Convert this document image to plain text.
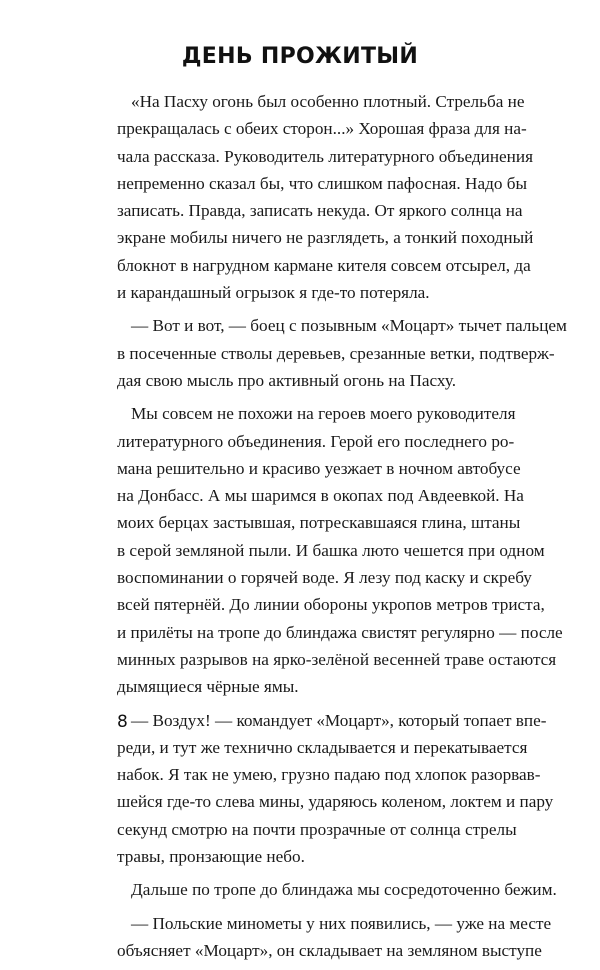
ДЕНЬ ПРОЖИТЫЙ
«На Пасху огонь был особенно плотный. Стрельба не
прекращалась с обеих сторон...» Хорошая фраза для на-
чала рассказа. Руководитель литературного объединения
непременно сказал бы, что слишком пафосная. Надо бы
записать. Правда, записать некуда. От яркого солнца на
экране мобилы ничего не разглядеть, а тонкий походный
блокнот в нагрудном кармане кителя совсем отсырел, да
и карандашный огрызок я где-то потеряла.
— Вот и вот, — боец с позывным «Моцарт» тычет пальцем
в посеченные стволы деревьев, срезанные ветки, подтверж-
дая свою мысль про активный огонь на Пасху.
Мы совсем не похожи на героев моего руководителя
литературного объединения. Герой его последнего ро-
мана решительно и красиво уезжает в ночном автобусе
на Донбасс. А мы шаримся в окопах под Авдеевкой. На
моих берцах застывшая, потрескавшаяся глина, штаны
в серой земляной пыли. И башка люто чешется при одном
воспоминании о горячей воде. Я лезу под каску и скребу
всей пятернёй. До линии обороны укропов метров триста,
и прилёты на тропе до блиндажа свистят регулярно — после
минных разрывов на ярко-зелёной весенней траве остаются
дымящиеся чёрные ямы.
— Воздух! — командует «Моцарт», который топает впе-
реди, и тут же технично складывается и перекатывается
набок. Я так не умею, грузно падаю под хлопок разорвав-
шейся где-то слева мины, ударяюсь коленом, локтем и пару
секунд смотрю на почти прозрачные от солнца стрелы
травы, пронзающие небо.
Дальше по тропе до блиндажа мы сосредоточенно бежим.
— Польские минометы у них появились, — уже на месте
объясняет «Моцарт», он складывает на земляном выступе
8
